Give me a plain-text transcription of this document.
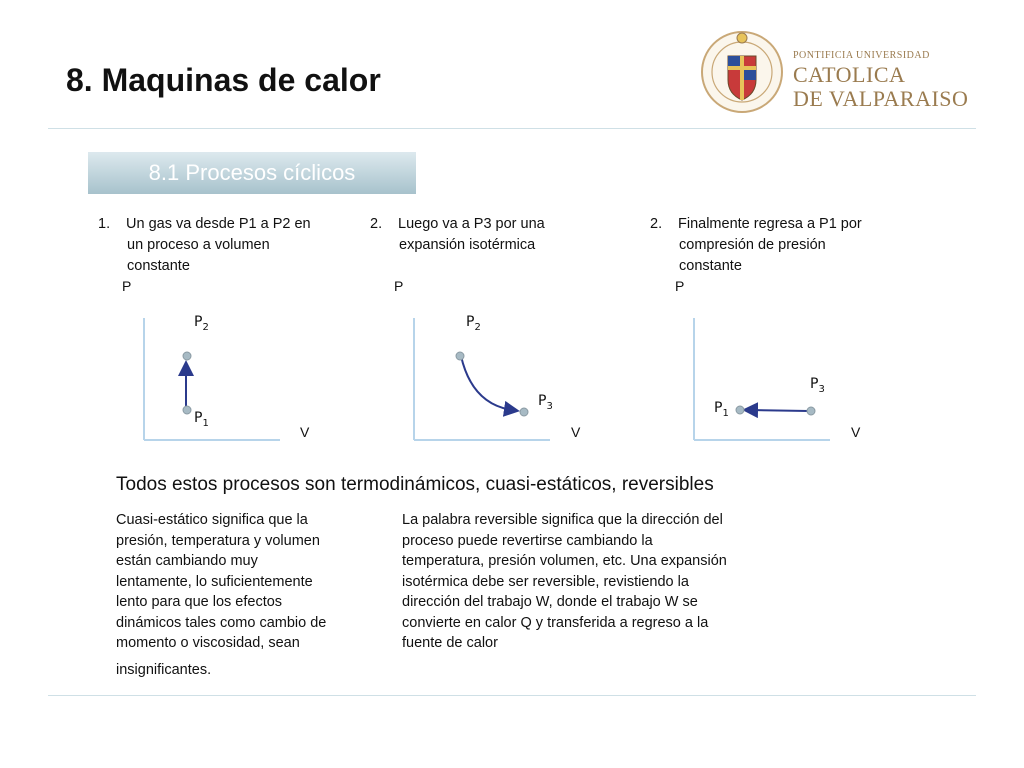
8. Maquinas de calor
PONTIFICIA UNIVERSIDAD
CATOLICA
DE VALPARAISO
8.1 Procesos cíclicos
1. Un gas va desde P1 a P2 en
un proceso a volumen
constante
2. Luego va a P3 por una
expansión isotérmica
2. Finalmente regresa a P1 por
compresión de presión
constante
P	P	P
$P_2$
$P_1$
V
$P_2$
$P_3$
V
$P_3$
$P_1$
V
Todos estos procesos son termodinámicos, cuasi-estáticos, reversibles
Cuasi-estático significa que la
presión, temperatura y volumen
están cambiando muy
lentamente, lo suficientemente
lento para que los efectos
dinámicos tales como cambio de
momento o viscosidad, sean
insignificantes.
La palabra reversible significa que la dirección del
proceso puede revertirse cambiando la
temperatura, presión volumen, etc. Una expansión
isotérmica debe ser reversible, revistiendo la
dirección del trabajo W, donde el trabajo W se
convierte en calor Q y transferida a regreso a la
fuente de calor
